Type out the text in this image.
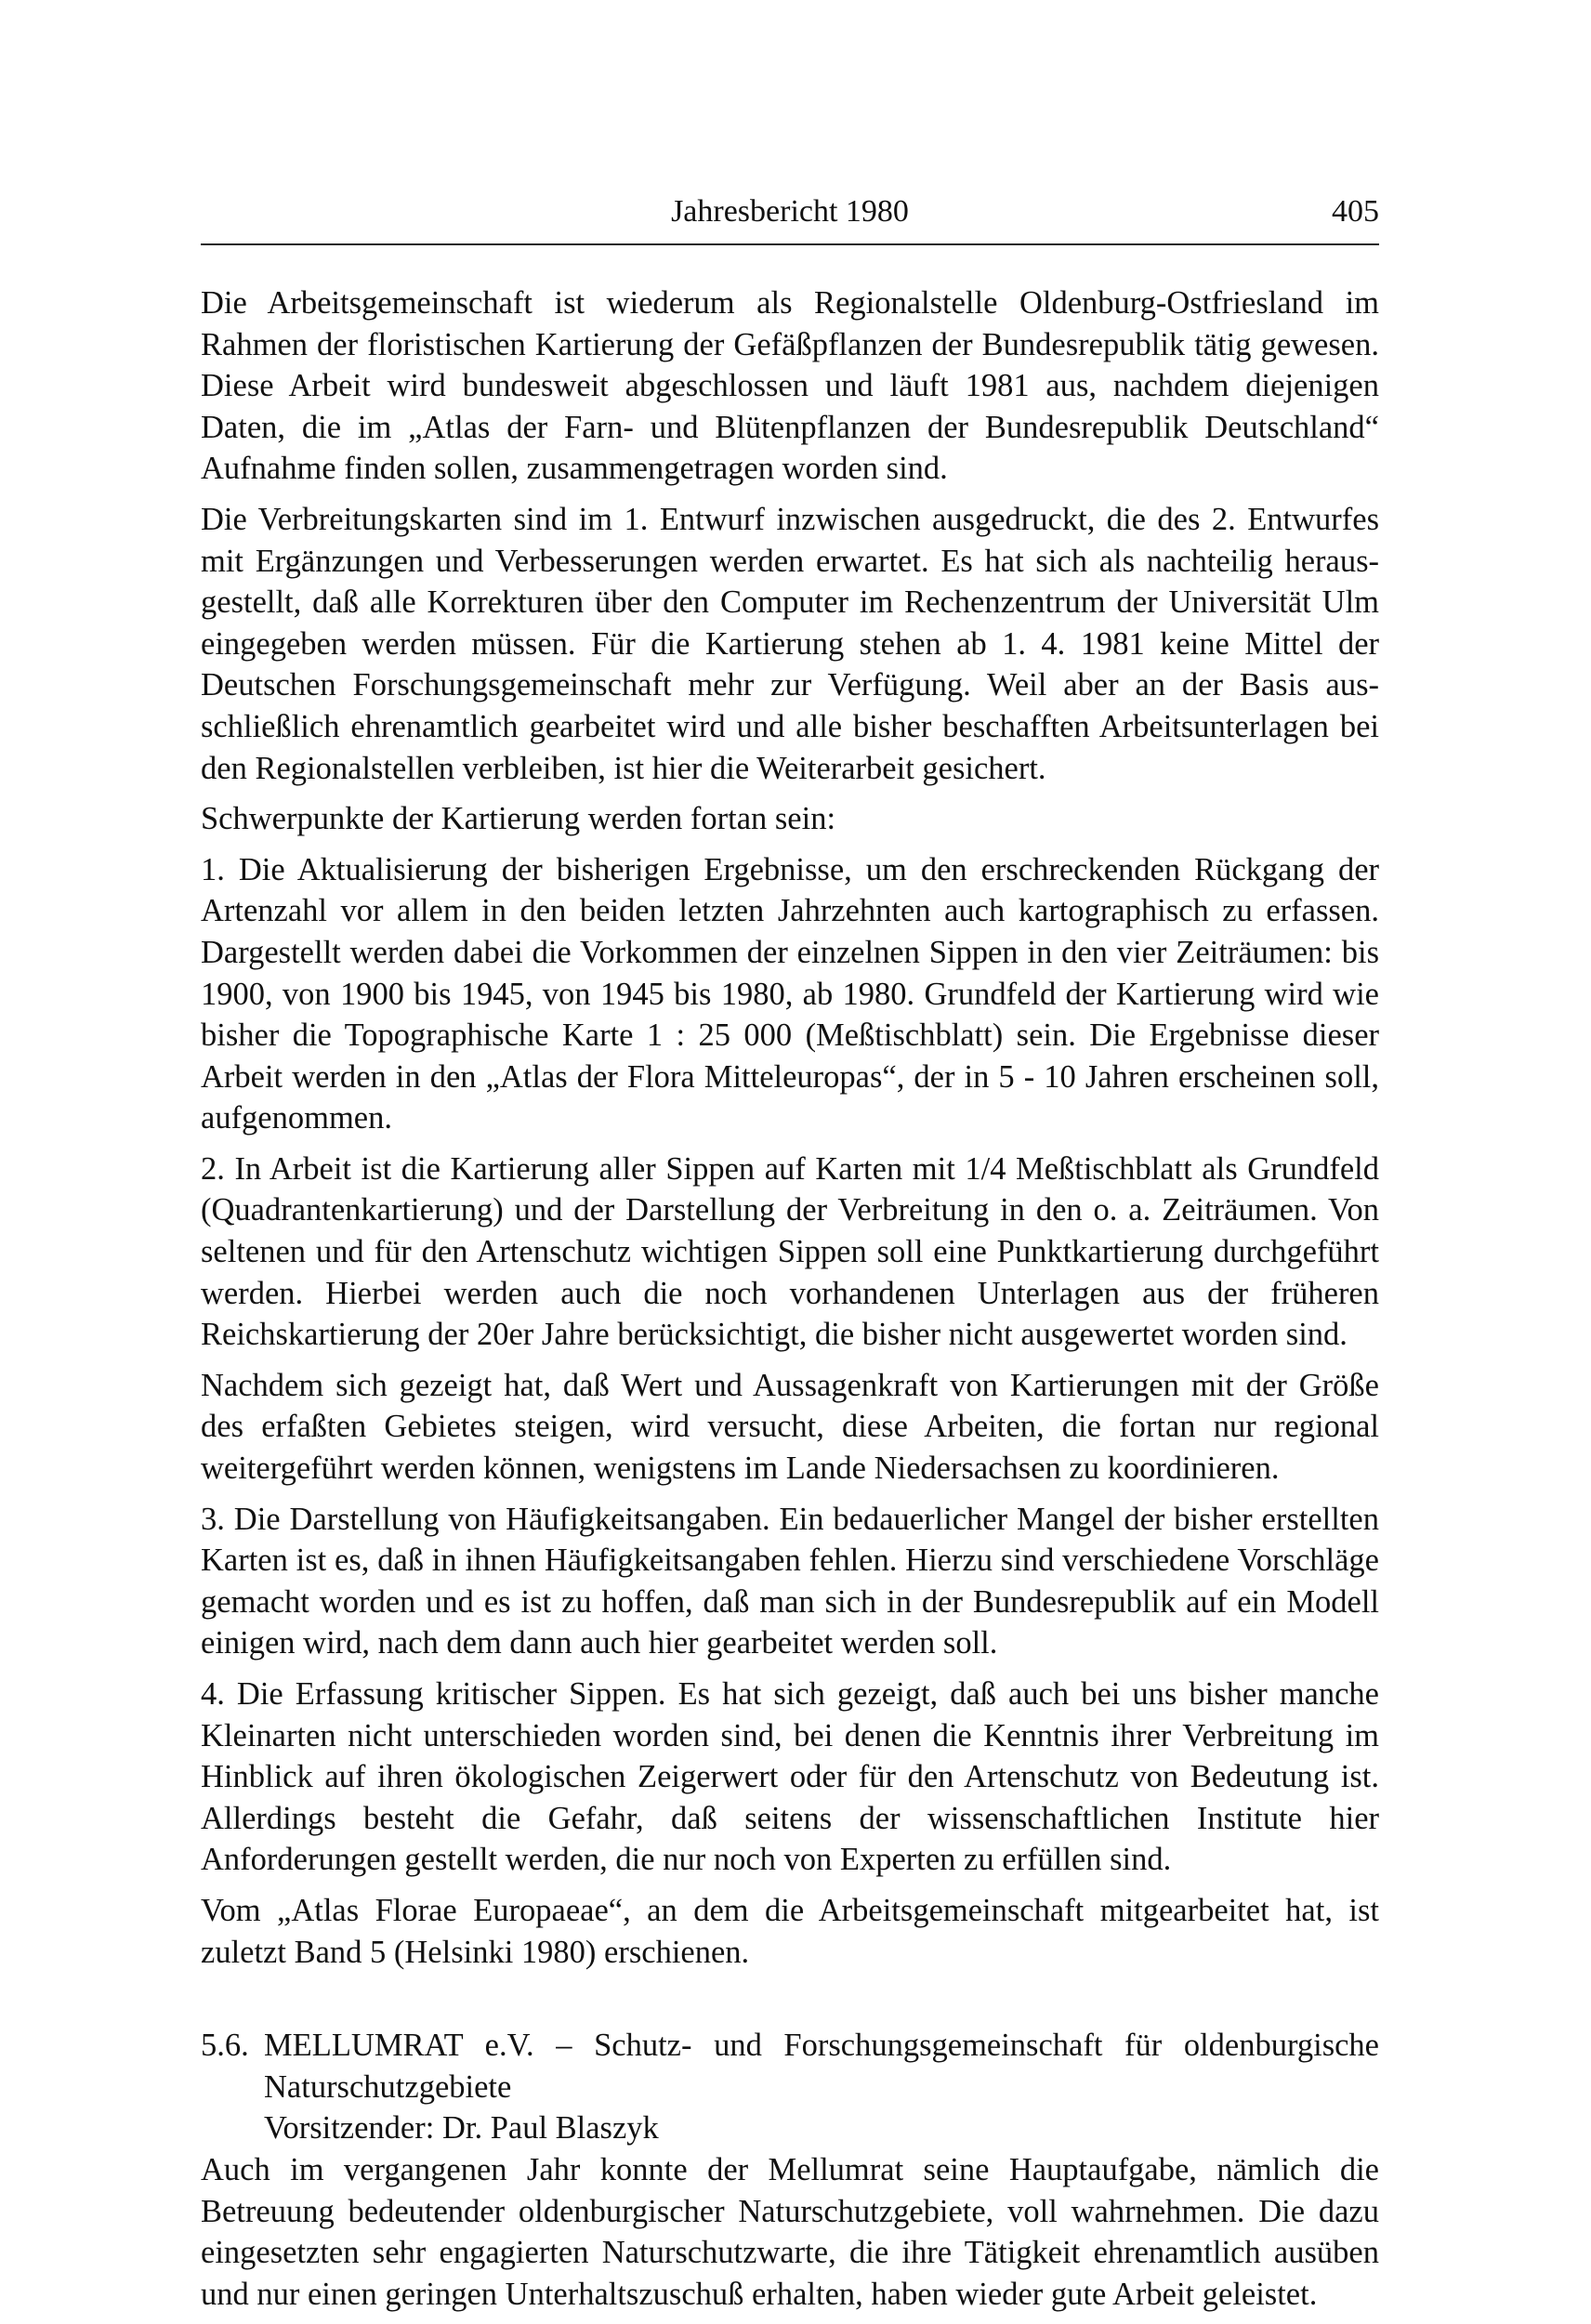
Jahresbericht 1980	405

Die Arbeitsgemeinschaft ist wiederum als Regionalstelle Oldenburg-Ostfriesland im Rahmen der floristischen Kartierung der Gefäßpflanzen der Bundesrepublik tätig gewesen. Diese Arbeit wird bundesweit abgeschlossen und läuft 1981 aus, nachdem diejenigen Daten, die im „Atlas der Farn- und Blütenpflanzen der Bundesrepublik Deutschland“ Aufnahme finden sollen, zusammengetragen worden sind.

Die Verbreitungskarten sind im 1. Entwurf inzwischen ausgedruckt, die des 2. Entwurfes mit Ergänzungen und Verbesserungen werden erwartet. Es hat sich als nachteilig herausgestellt, daß alle Korrekturen über den Computer im Rechenzentrum der Universität Ulm eingegeben werden müssen. Für die Kartierung stehen ab 1. 4. 1981 keine Mittel der Deutschen Forschungsgemeinschaft mehr zur Verfügung. Weil aber an der Basis ausschließlich ehrenamtlich gearbeitet wird und alle bisher beschafften Arbeitsunterlagen bei den Regionalstellen verbleiben, ist hier die Weiterarbeit gesichert.

Schwerpunkte der Kartierung werden fortan sein:

1. Die Aktualisierung der bisherigen Ergebnisse, um den erschreckenden Rückgang der Artenzahl vor allem in den beiden letzten Jahrzehnten auch kartographisch zu erfassen. Dargestellt werden dabei die Vorkommen der einzelnen Sippen in den vier Zeiträumen: bis 1900, von 1900 bis 1945, von 1945 bis 1980, ab 1980. Grundfeld der Kartierung wird wie bisher die Topographische Karte 1 : 25 000 (Meßtischblatt) sein. Die Ergebnisse dieser Arbeit werden in den „Atlas der Flora Mitteleuropas“, der in 5 - 10 Jahren erscheinen soll, aufgenommen.

2. In Arbeit ist die Kartierung aller Sippen auf Karten mit 1/4 Meßtischblatt als Grundfeld (Quadrantenkartierung) und der Darstellung der Verbreitung in den o. a. Zeiträumen. Von seltenen und für den Artenschutz wichtigen Sippen soll eine Punktkartierung durchgeführt werden. Hierbei werden auch die noch vorhandenen Unterlagen aus der früheren Reichskartierung der 20er Jahre berücksichtigt, die bisher nicht ausgewertet worden sind.

Nachdem sich gezeigt hat, daß Wert und Aussagenkraft von Kartierungen mit der Größe des erfaßten Gebietes steigen, wird versucht, diese Arbeiten, die fortan nur regional weitergeführt werden können, wenigstens im Lande Niedersachsen zu koordinieren.

3. Die Darstellung von Häufigkeitsangaben. Ein bedauerlicher Mangel der bisher erstellten Karten ist es, daß in ihnen Häufigkeitsangaben fehlen. Hierzu sind verschiedene Vorschläge gemacht worden und es ist zu hoffen, daß man sich in der Bundesrepublik auf ein Modell einigen wird, nach dem dann auch hier gearbeitet werden soll.

4. Die Erfassung kritischer Sippen. Es hat sich gezeigt, daß auch bei uns bisher manche Kleinarten nicht unterschieden worden sind, bei denen die Kenntnis ihrer Verbreitung im Hinblick auf ihren ökologischen Zeigerwert oder für den Artenschutz von Bedeutung ist. Allerdings besteht die Gefahr, daß seitens der wissenschaftlichen Institute hier Anforderungen gestellt werden, die nur noch von Experten zu erfüllen sind.

Vom „Atlas Florae Europaeae“, an dem die Arbeitsgemeinschaft mitgearbeitet hat, ist zuletzt Band 5 (Helsinki 1980) erschienen.

5.6. MELLUMRAT e.V. – Schutz- und Forschungsgemeinschaft für oldenburgische
Naturschutzgebiete
Vorsitzender: Dr. Paul Blaszyk

Auch im vergangenen Jahr konnte der Mellumrat seine Hauptaufgabe, nämlich die Betreuung bedeutender oldenburgischer Naturschutzgebiete, voll wahrnehmen. Die dazu eingesetzten sehr engagierten Naturschutzwarte, die ihre Tätigkeit ehrenamtlich ausüben und nur einen geringen Unterhaltszuschuß erhalten, haben wieder gute Arbeit geleistet.
